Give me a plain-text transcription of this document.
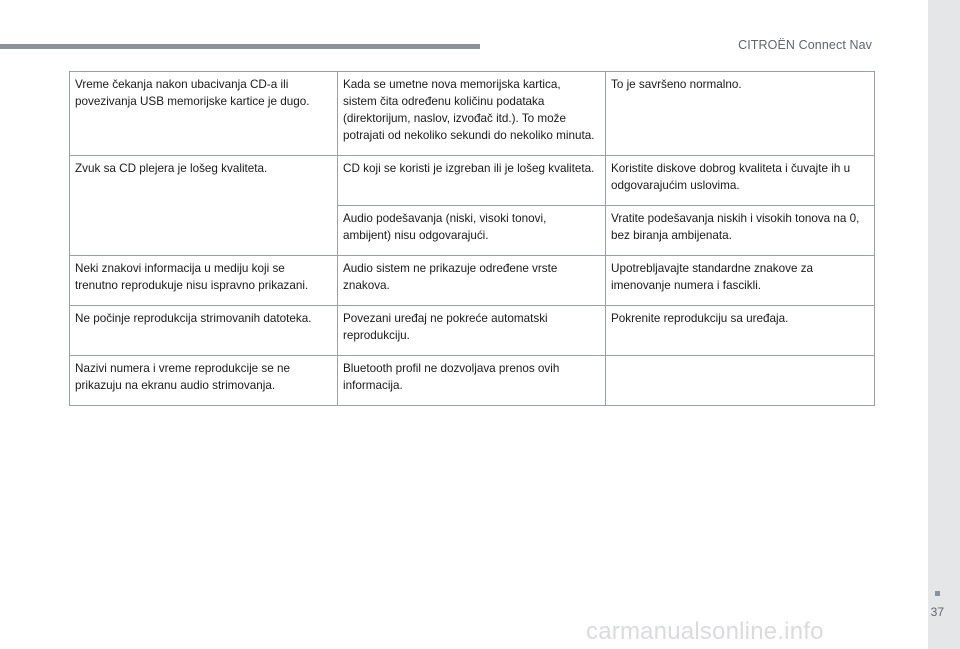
CITROËN Connect Nav
37
Vreme čekanja nakon ubacivanja CD-a ili povezivanja USB memorijske kartice je dugo.	Kada se umetne nova memorijska kartica, sistem čita određenu količinu podataka (direktorijum, naslov, izvođač itd.). To može potrajati od nekoliko sekundi do nekoliko minuta.	To je savršeno normalno.
Zvuk sa CD plejera je lošeg kvaliteta.	CD koji se koristi je izgreban ili je lošeg kvaliteta.	Koristite diskove dobrog kvaliteta i čuvajte ih u odgovarajućim uslovima.
	Audio podešavanja (niski, visoki tonovi, ambijent) nisu odgovarajući.	Vratite podešavanja niskih i visokih tonova na 0, bez biranja ambijenata.
Neki znakovi informacija u mediju koji se trenutno reprodukuje nisu ispravno prikazani.	Audio sistem ne prikazuje određene vrste znakova.	Upotrebljavajte standardne znakove za imenovanje numera i fascikli.
Ne počinje reprodukcija strimovanih datoteka.	Povezani uređaj ne pokreće automatski reprodukciju.	Pokrenite reprodukciju sa uređaja.
Nazivi numera i vreme reprodukcije se ne prikazuju na ekranu audio strimovanja.	Bluetooth profil ne dozvoljava prenos ovih informacija.	
carmanualsonline.info
